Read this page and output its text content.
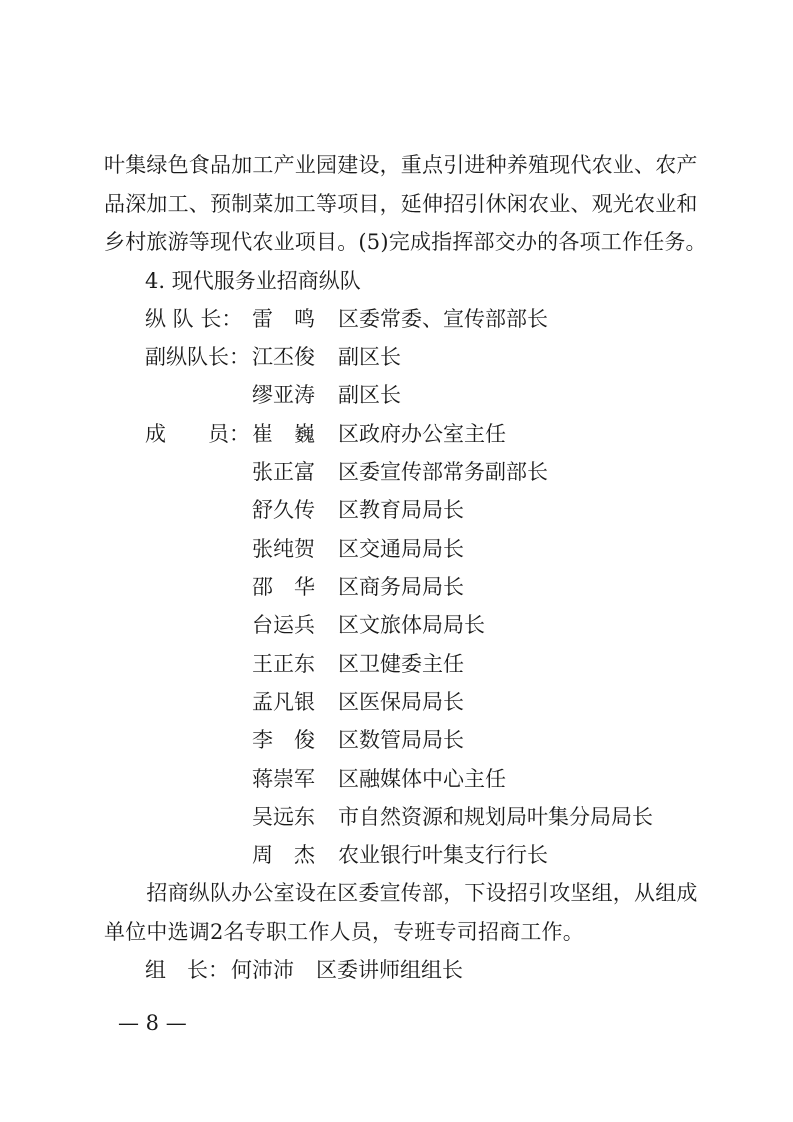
叶集绿色食品加工产业园建设，重点引进种养殖现代农业、农产
品深加工、预制菜加工等项目，延伸招引休闲农业、观光农业和
乡村旅游等现代农业项目。(5)完成指挥部交办的各项工作任务。
4. 现代服务业招商纵队
纵 队 长： 雷　鸣 区委常委、宣传部部长
副纵队长： 江丕俊 副区长
缪亚涛 副区长
成　　员： 崔　巍 区政府办公室主任
张正富 区委宣传部常务副部长
舒久传 区教育局局长
张纯贺 区交通局局长
邵　华 区商务局局长
台运兵 区文旅体局局长
王正东 区卫健委主任
孟凡银 区医保局局长
李　俊 区数管局局长
蒋崇军 区融媒体中心主任
吴远东 市自然资源和规划局叶集分局局长
周　杰 农业银行叶集支行行长
　　招商纵队办公室设在区委宣传部，下设招引攻坚组，从组成
单位中选调2名专职工作人员，专班专司招商工作。
组　长： 何沛沛 区委讲师组组长
— 8 —
